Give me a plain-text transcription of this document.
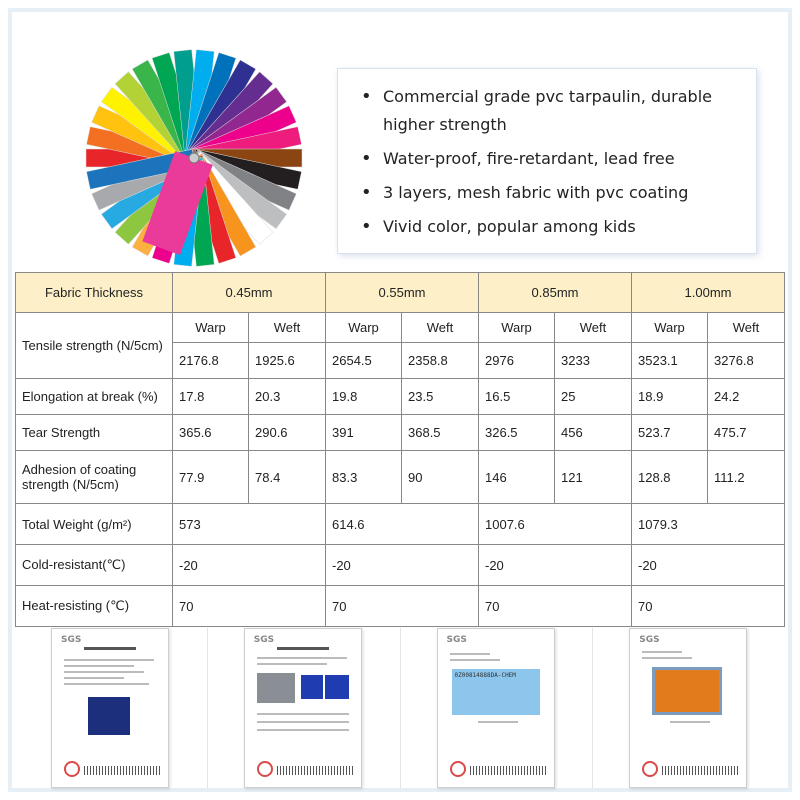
• Commercial grade pvc tarpaulin, durable higher strength
• Water-proof, fire-retardant, lead free
• 3 layers, mesh fabric with pvc coating
• Vivid color, popular among kids
Fabric Thickness	0.45mm		0.55mm		0.85mm		1.00mm	
Tensile strength (N/5cm)	Warp	Weft	Warp	Weft	Warp	Weft	Warp	Weft
	2176.8	1925.6	2654.5	2358.8	2976	3233	3523.1	3276.8
Elongation at break (%)	17.8	20.3	19.8	23.5	16.5	25	18.9	24.2
Tear Strength	365.6	290.6	391	368.5	326.5	456	523.7	475.7
Adhesion of coating strength (N/5cm)	77.9	78.4	83.3	90	146	121	128.8	111.2
Total Weight (g/m²)	573		614.6		1007.6		1079.3	
Cold-resistant(℃)	-20		-20		-20		-20	
Heat-resisting (℃)	70		70		70		70	
SGS	SGS	SGS
0Z00814888DA-CHEM
SGS
